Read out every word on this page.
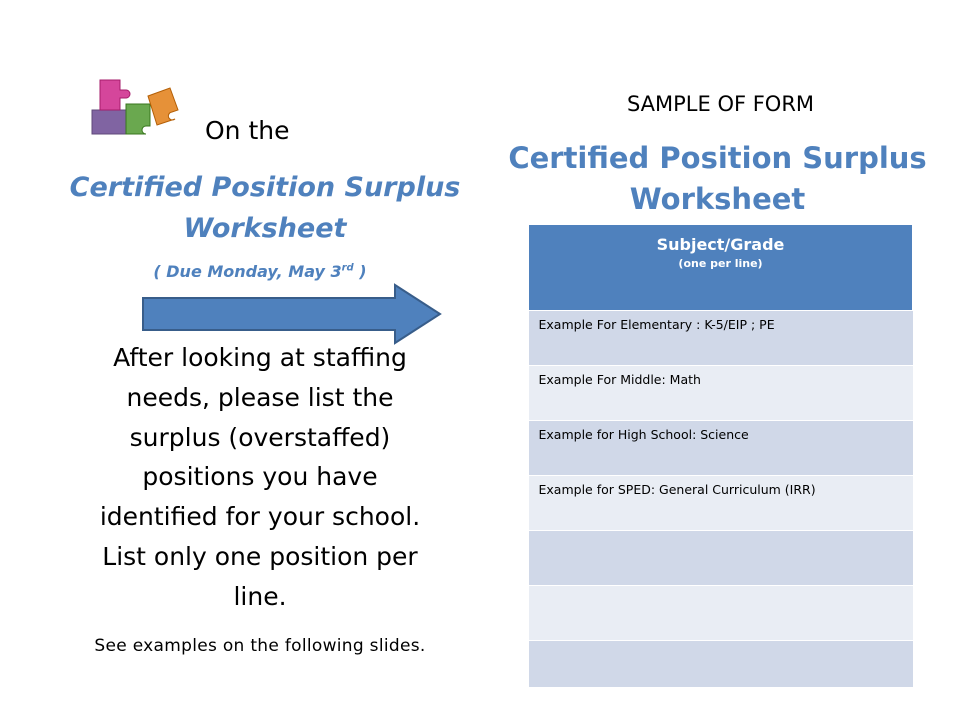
On the
Certified Position Surplus
Worksheet
( Due Monday, May 3rd )
After looking at staffing
needs, please list the
surplus (overstaffed)
positions you have
identified for your school.
List only one position per
line.
See examples on the following slides.
SAMPLE OF FORM
Certified Position Surplus
Worksheet
Subject/Grade
(one per line)

Example For Elementary : K-5/EIP ; PE
Example For Middle: Math
Example for High School: Science
Example for SPED: General Curriculum (IRR)
